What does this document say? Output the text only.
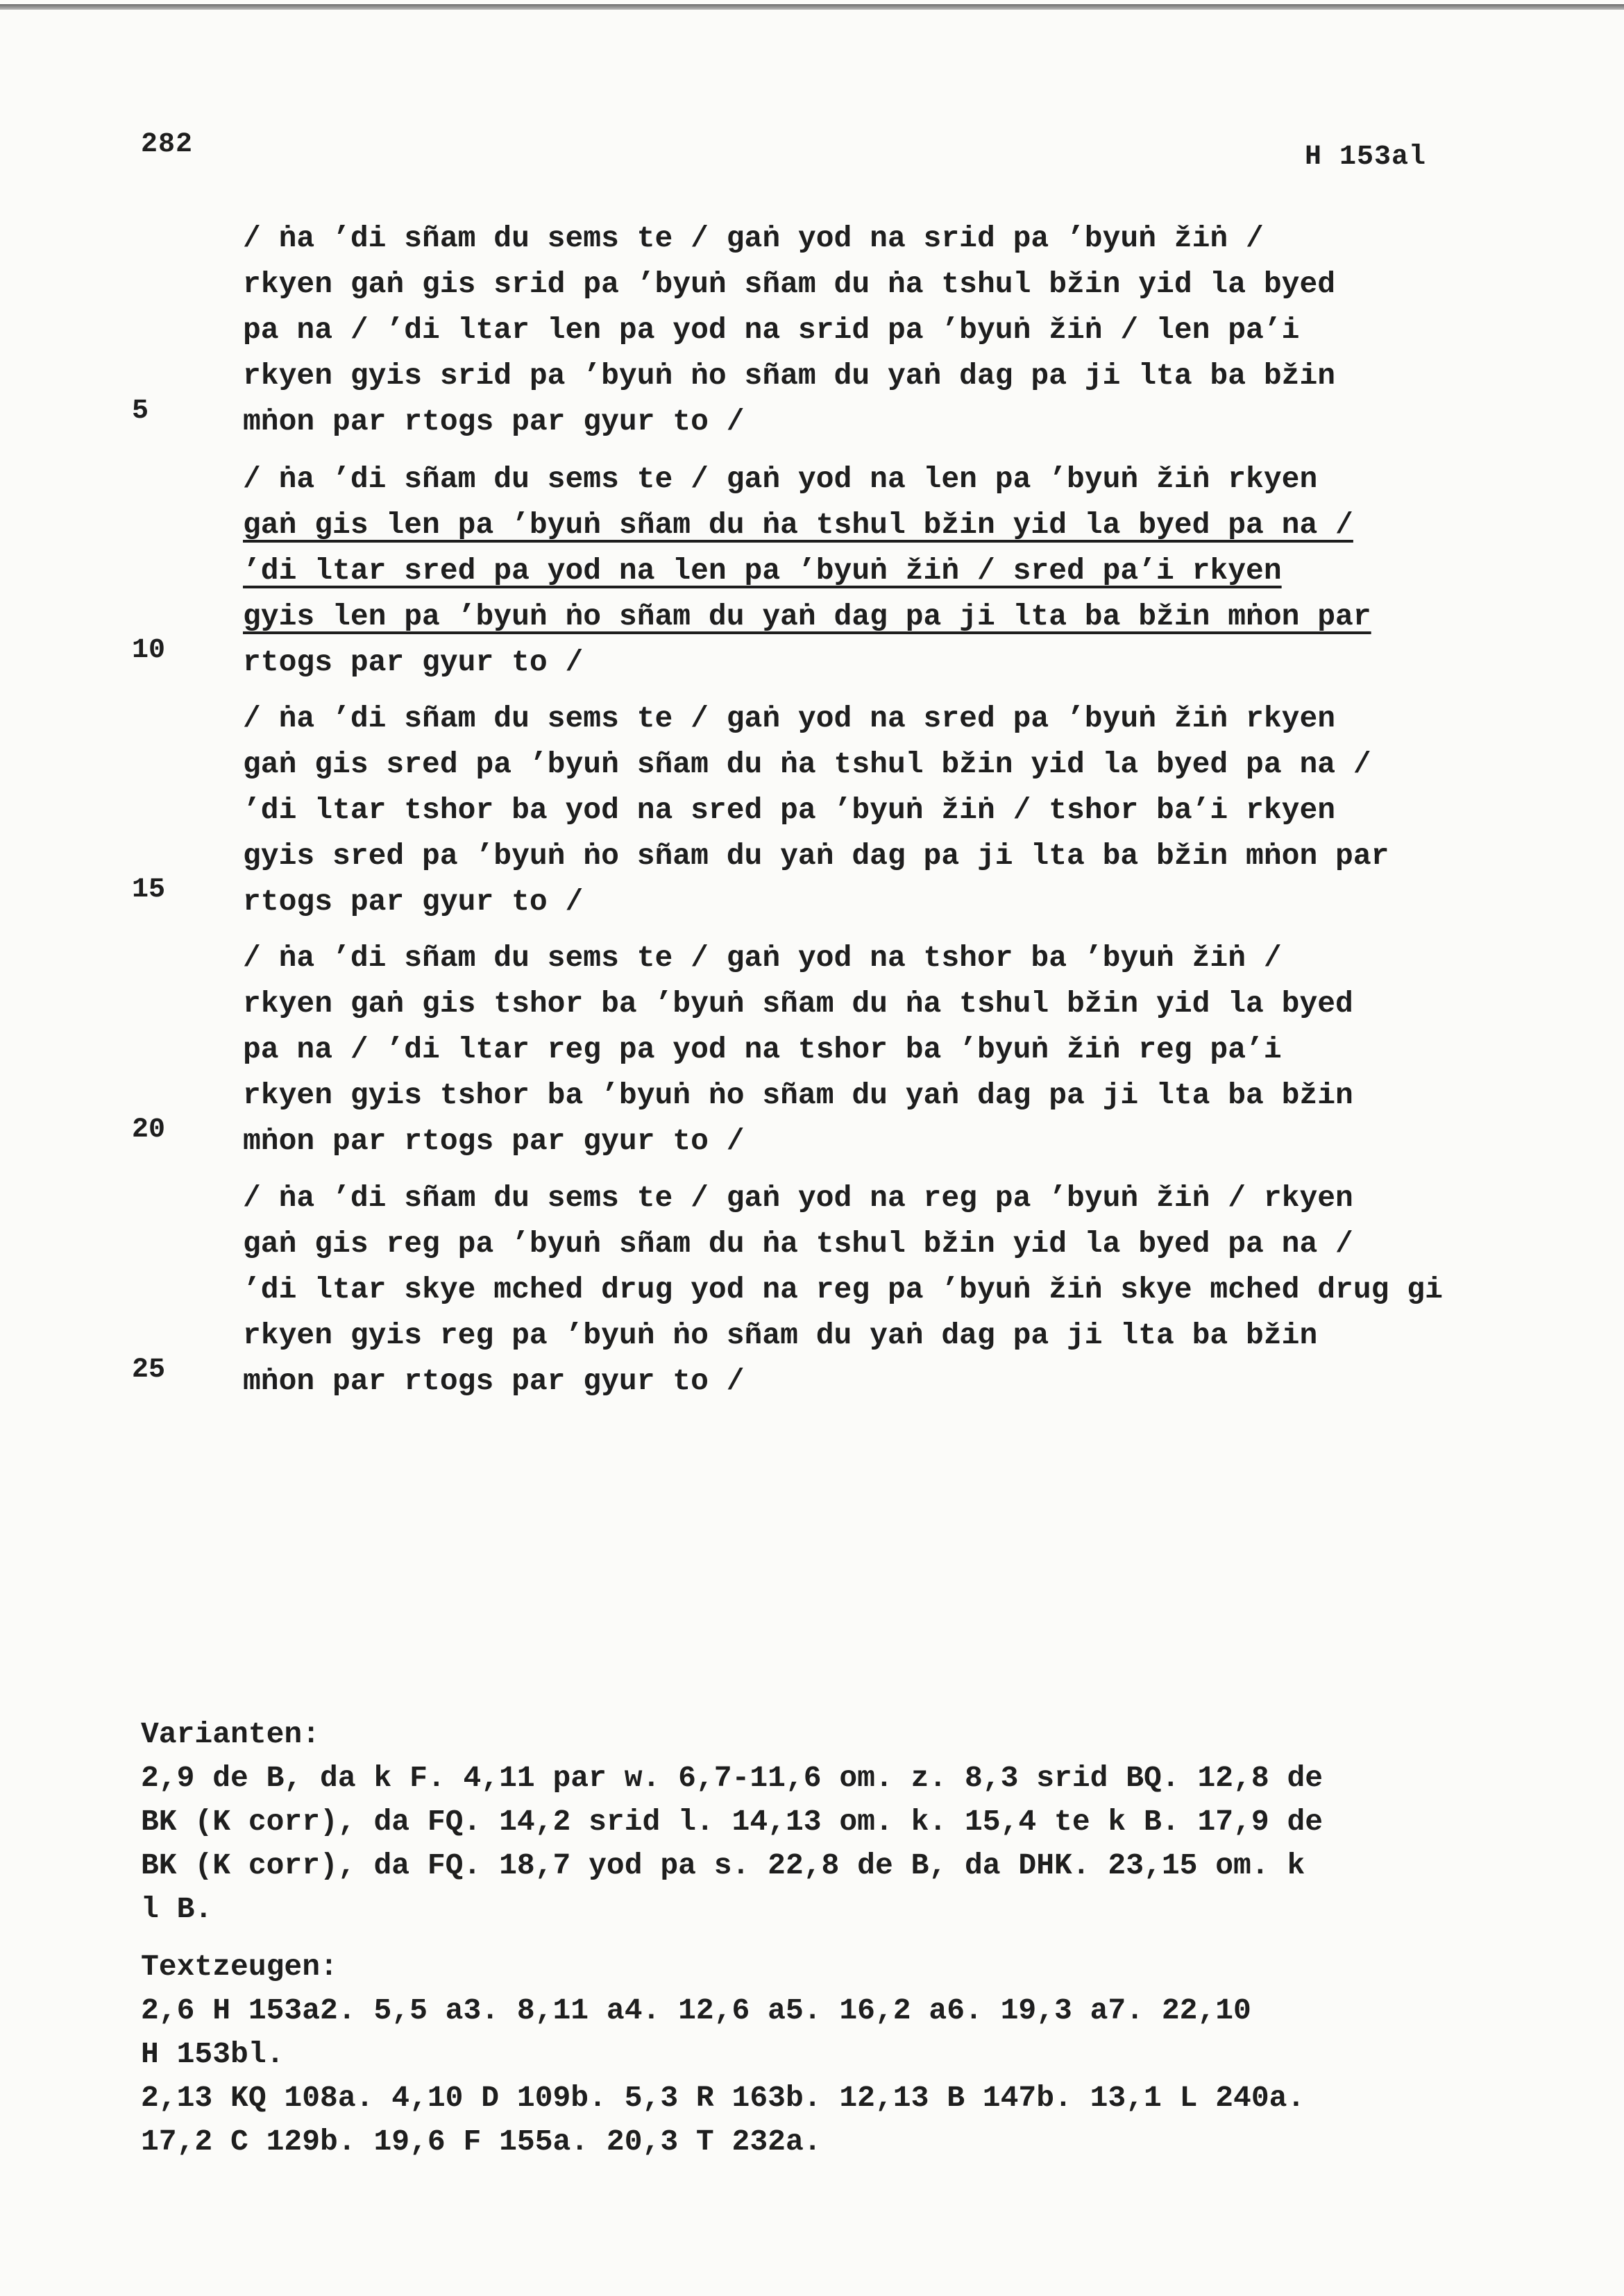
282	H 153al
/ ṅa ’di sñam du sems te / gaṅ yod na srid pa ’byuṅ žiṅ /
rkyen gaṅ gis srid pa ’byuṅ sñam du ṅa tshul bžin yid la byed
pa na / ’di ltar len pa yod na srid pa ’byuṅ žiṅ / len pa’i
rkyen gyis srid pa ’byuṅ ṅo sñam du yaṅ dag pa ji lta ba bžin
mṅon par rtogs par gyur to /
/ ṅa ’di sñam du sems te / gaṅ yod na len pa ’byuṅ žiṅ rkyen
gaṅ gis len pa ’byuṅ sñam du ṅa tshul bžin yid la byed pa na /
’di ltar sred pa yod na len pa ’byuṅ žiṅ / sred pa’i rkyen
gyis len pa ’byuṅ ṅo sñam du yaṅ dag pa ji lta ba bžin mṅon par
rtogs par gyur to /
/ ṅa ’di sñam du sems te / gaṅ yod na sred pa ’byuṅ žiṅ rkyen
gaṅ gis sred pa ’byuṅ sñam du ṅa tshul bžin yid la byed pa na /
’di ltar tshor ba yod na sred pa ’byuṅ žiṅ / tshor ba’i rkyen
gyis sred pa ’byuṅ ṅo sñam du yaṅ dag pa ji lta ba bžin mṅon par
rtogs par gyur to /
/ ṅa ’di sñam du sems te / gaṅ yod na tshor ba ’byuṅ žiṅ /
rkyen gaṅ gis tshor ba ’byuṅ sñam du ṅa tshul bžin yid la byed
pa na / ’di ltar reg pa yod na tshor ba ’byuṅ žiṅ reg pa’i
rkyen gyis tshor ba ’byuṅ ṅo sñam du yaṅ dag pa ji lta ba bžin
mṅon par rtogs par gyur to /
/ ṅa ’di sñam du sems te / gaṅ yod na reg pa ’byuṅ žiṅ / rkyen
gaṅ gis reg pa ’byuṅ sñam du ṅa tshul bžin yid la byed pa na /
’di ltar skye mched drug yod na reg pa ’byuṅ žiṅ skye mched drug gi
rkyen gyis reg pa ’byuṅ ṅo sñam du yaṅ dag pa ji lta ba bžin
mṅon par rtogs par gyur to /
5
10
15
20
25
Varianten:
2,9 de B, da k F. 4,11 par w. 6,7-11,6 om. z. 8,3 srid BQ. 12,8 de
BK (K corr), da FQ. 14,2 srid l. 14,13 om. k. 15,4 te k B. 17,9 de
BK (K corr), da FQ. 18,7 yod pa s. 22,8 de B, da DHK. 23,15 om. k
l B.
Textzeugen:
2,6 H 153a2. 5,5 a3. 8,11 a4. 12,6 a5. 16,2 a6. 19,3 a7. 22,10
H 153bl.
2,13 KQ 108a. 4,10 D 109b. 5,3 R 163b. 12,13 B 147b. 13,1 L 240a.
17,2 C 129b. 19,6 F 155a. 20,3 T 232a.
